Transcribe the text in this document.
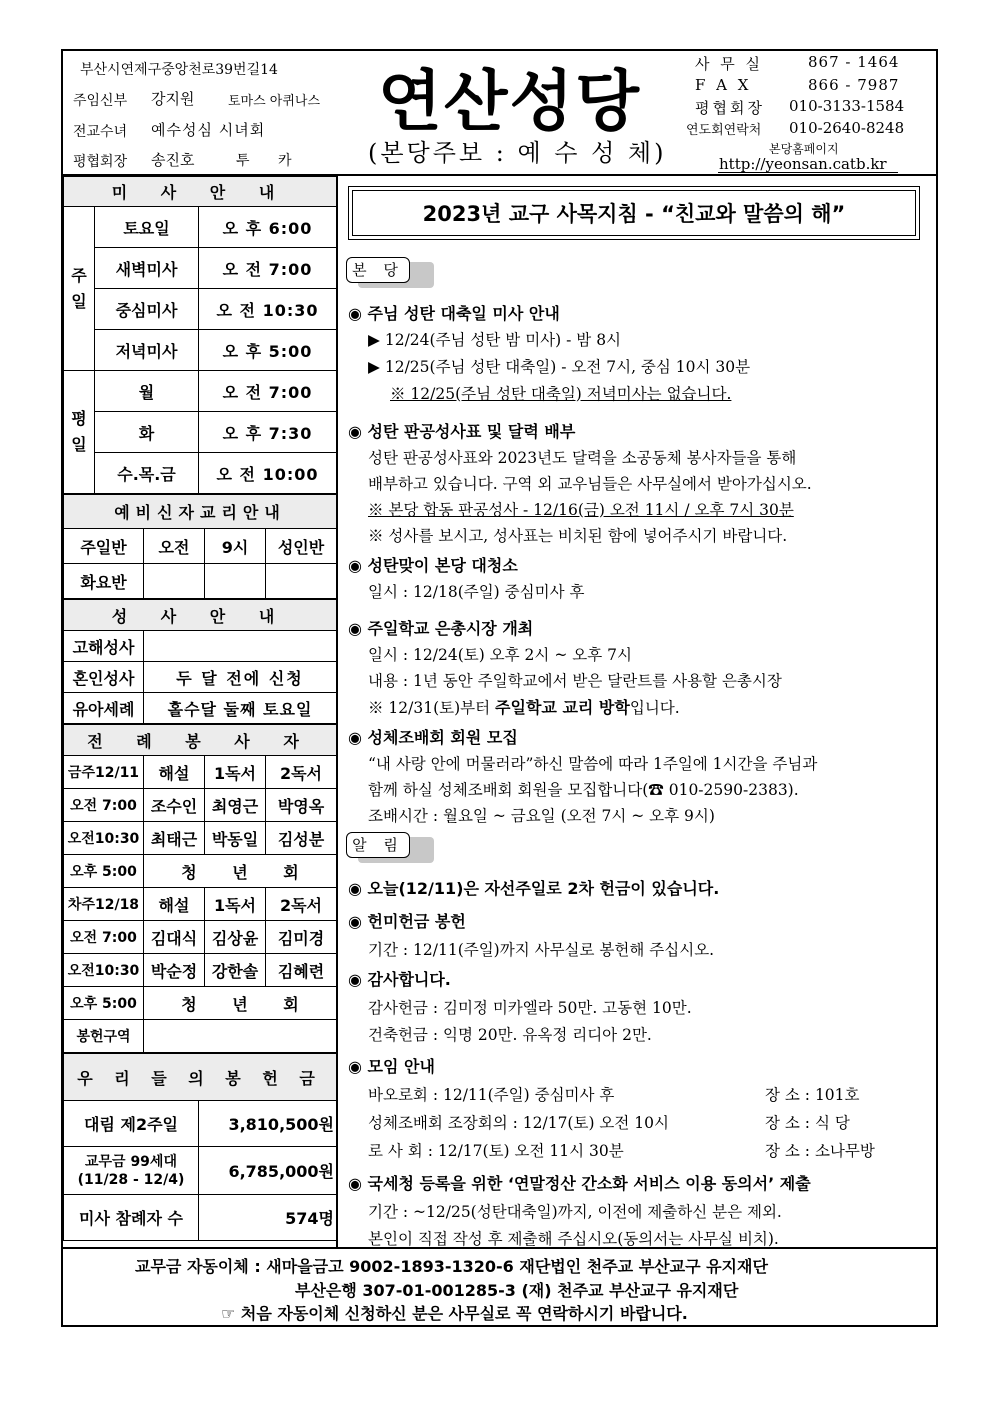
부산시연제구중앙천로39번길14
주임신부 강지원	토마스 아퀴나스
전교수녀 예수성심 시녀회
평협회장 송진호	투 카
연산성당
(본당주보 : 예 수 성 체)
사 무 실	867 - 1464
F A X	866 - 7987
평협회장 010-3133-1584
연도회연락처 010-2640-8248
본당홈페이지
http://yeonsan.catb.kr
미 사 안 내		
주 일	토요일	오 후 6:00
	새벽미사	오 전 7:00
	중심미사	오 전 10:30
	저녁미사	오 후 5:00
평 일	월	오 전 7:00
	화	오 후 7:30
	수.목.금	오 전 10:00
예비신자교리안내			
주일반	오전	9시	성인반
화요반			
성 사 안 내	
고해성사	
혼인성사	두 달 전에 신청
유아세례	홀수달 둘째 토요일
전 례 봉 사 자			
금주12/11	해설	1독서	2독서
오전 7:00	조수인	최영근	박영옥
오전10:30	최태근	박동일	김성분
오후 5:00	청 년 회		
차주12/18	해설	1독서	2독서
오전 7:00	김대식	김상윤	김미경
오전10:30	박순정	강한솔	김혜련
오후 5:00	청 년 회		
봉헌구역			
우 리 들 의 봉 헌 금	
대림 제2주일	3,810,500원
교무금 99세대
(11/28 - 12/4)	6,785,000원
미사 참례자 수	574명
2023년 교구 사목지침 - “친교와 말씀의 해”
본 당
◉ 주님 성탄 대축일 미사 안내
▶ 12/24(주님 성탄 밤 미사) - 밤 8시
▶ 12/25(주님 성탄 대축일) - 오전 7시, 중심 10시 30분
※ 12/25(주님 성탄 대축일) 저녁미사는 없습니다.
◉ 성탄 판공성사표 및 달력 배부
성탄 판공성사표와 2023년도 달력을 소공동체 봉사자들을 통해
배부하고 있습니다. 구역 외 교우님들은 사무실에서 받아가십시오.
※ 본당 합동 판공성사 - 12/16(금) 오전 11시 / 오후 7시 30분
※ 성사를 보시고, 성사표는 비치된 함에 넣어주시기 바랍니다.
◉ 성탄맞이 본당 대청소
일시 : 12/18(주일) 중심미사 후
◉ 주일학교 은총시장 개최
일시 : 12/24(토) 오후 2시 ~ 오후 7시
내용 : 1년 동안 주일학교에서 받은 달란트를 사용할 은총시장
※ 12/31(토)부터 주일학교 교리 방학입니다.
◉ 성체조배회 회원 모집
“내 사랑 안에 머물러라”하신 말씀에 따라 1주일에 1시간을 주님과
함께 하실 성체조배회 회원을 모집합니다(☎ 010-2590-2383).
조배시간 : 월요일 ~ 금요일 (오전 7시 ~ 오후 9시)
알 림
◉ 오늘(12/11)은 자선주일로 2차 헌금이 있습니다.
◉ 헌미헌금 봉헌
기간 : 12/11(주일)까지 사무실로 봉헌해 주십시오.
◉ 감사합니다.
감사헌금 : 김미정 미카엘라 50만. 고동현 10만.
건축헌금 : 익명 20만. 유옥정 리디아 2만.
◉ 모임 안내
◉ 국세청 등록을 위한 ‘연말정산 간소화 서비스 이용 동의서’ 제출
기간 : ~12/25(성탄대축일)까지, 이전에 제출하신 분은 제외.
본인이 직접 작성 후 제출해 주십시오(동의서는 사무실 비치).
바오로회 : 12/11(주일) 중심미사 후	장 소 : 101호
성체조배회 조장회의 : 12/17(토) 오전 10시	장 소 : 식 당
로 사 회 : 12/17(토) 오전 11시 30분	장 소 : 소나무방
교무금 자동이체 : 새마을금고 9002-1893-1320-6 재단법인 천주교 부산교구 유지재단
부산은행 307-01-001285-3 (재) 천주교 부산교구 유지재단
☞ 처음 자동이체 신청하신 분은 사무실로 꼭 연락하시기 바랍니다.
